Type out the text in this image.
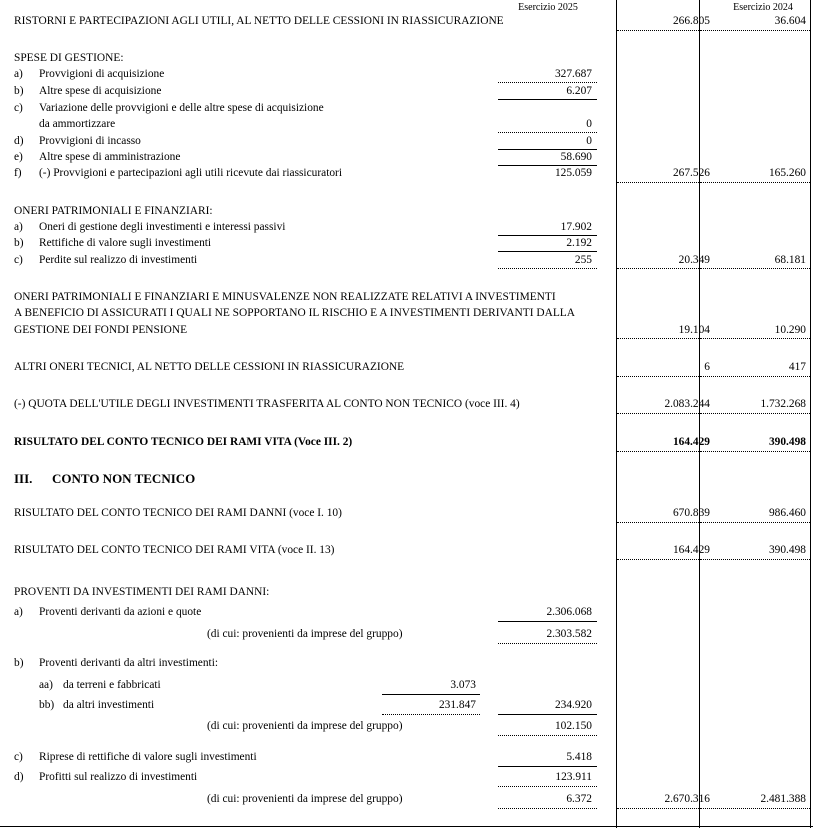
Esercizio 2025	Esercizio 2024
RISTORNI E PARTECIPAZIONI AGLI UTILI, AL NETTO DELLE CESSIONI IN RIASSICURAZIONE	266.805	36.604
SPESE DI GESTIONE:
a) Provvigioni di acquisizione	327.687
b) Altre spese di acquisizione	6.207
c) Variazione delle provvigioni e delle altre spese di acquisizione
da ammortizzare	0
d) Provvigioni di incasso	0
e) Altre spese di amministrazione	58.690
f) (-) Provvigioni e partecipazioni agli utili ricevute dai riassicuratori	125.059	267.526	165.260
ONERI PATRIMONIALI E FINANZIARI:
a) Oneri di gestione degli investimenti e interessi passivi	17.902
b) Rettifiche di valore sugli investimenti	2.192
c) Perdite sul realizzo di investimenti	255	20.349	68.181
ONERI PATRIMONIALI E FINANZIARI E MINUSVALENZE NON REALIZZATE RELATIVI A INVESTIMENTI
A BENEFICIO DI ASSICURATI I QUALI NE SOPPORTANO IL RISCHIO E A INVESTIMENTI DERIVANTI DALLA
GESTIONE DEI FONDI PENSIONE	19.104	10.290
ALTRI ONERI TECNICI, AL NETTO DELLE CESSIONI IN RIASSICURAZIONE	6	417
(-) QUOTA DELL'UTILE DEGLI INVESTIMENTI TRASFERITA AL CONTO NON TECNICO (voce III. 4)	2.083.244	1.732.268
RISULTATO DEL CONTO TECNICO DEI RAMI VITA (Voce III. 2)	164.429	390.498
III. CONTO NON TECNICO
RISULTATO DEL CONTO TECNICO DEI RAMI DANNI (voce I. 10)	670.839	986.460
RISULTATO DEL CONTO TECNICO DEI RAMI VITA (voce II. 13)	164.429	390.498
PROVENTI DA INVESTIMENTI DEI RAMI DANNI:
a) Proventi derivanti da azioni e quote	2.306.068
(di cui: provenienti da imprese del gruppo)	2.303.582
b) Proventi derivanti da altri investimenti:
aa) da terreni e fabbricati	3.073
bb) da altri investimenti	231.847	234.920
(di cui: provenienti da imprese del gruppo)	102.150
c) Riprese di rettifiche di valore sugli investimenti	5.418
d) Profitti sul realizzo di investimenti	123.911
(di cui: provenienti da imprese del gruppo)	6.372	2.670.316	2.481.388
